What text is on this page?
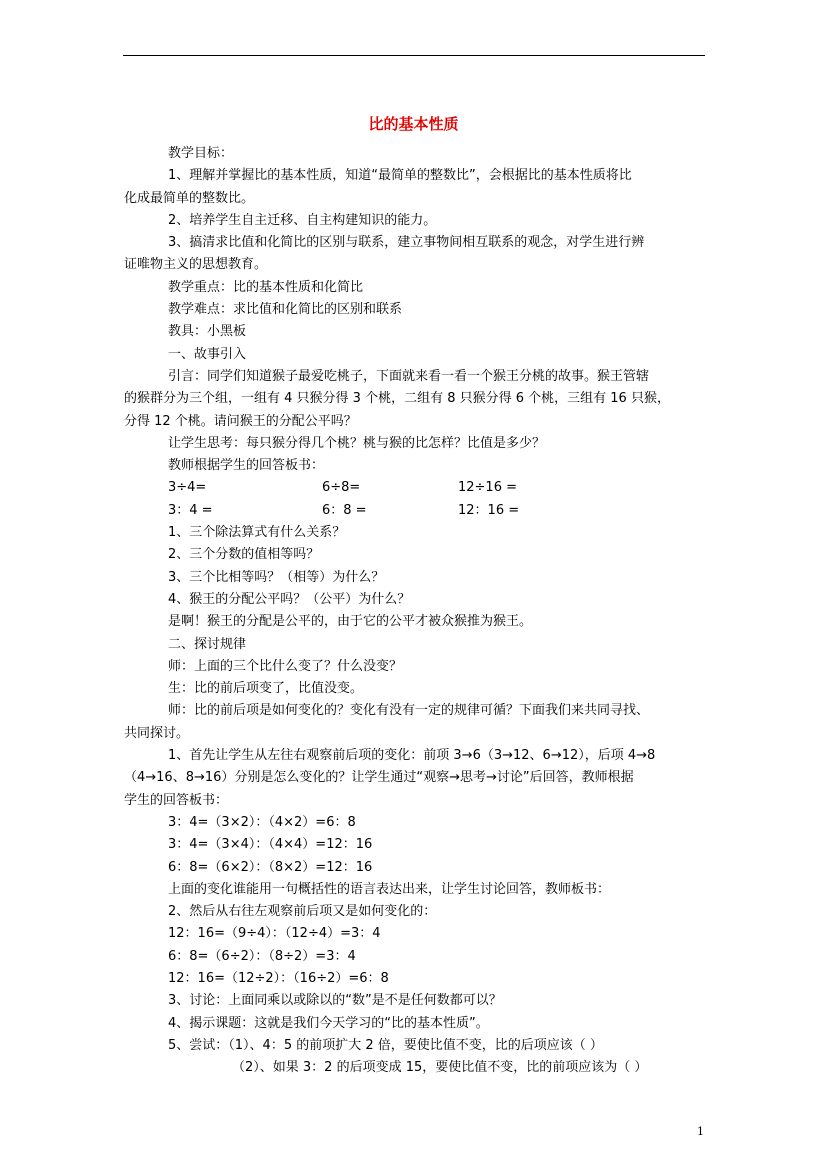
比的基本性质
教学目标：
1、理解并掌握比的基本性质，知道“最简单的整数比”，会根据比的基本性质将比
化成最简单的整数比。
2、培养学生自主迁移、自主构建知识的能力。
3、搞清求比值和化简比的区别与联系，建立事物间相互联系的观念，对学生进行辨
证唯物主义的思想教育。
教学重点：比的基本性质和化简比
教学难点：求比值和化简比的区别和联系
教具：小黑板
一、故事引入
引言：同学们知道猴子最爱吃桃子，下面就来看一看一个猴王分桃的故事。猴王管辖
的猴群分为三个组，一组有 4 只猴分得 3 个桃，二组有 8 只猴分得 6 个桃，三组有 16 只猴，
分得 12 个桃。请问猴王的分配公平吗？
让学生思考：每只猴分得几个桃？桃与猴的比怎样？比值是多少？
教师根据学生的回答板书：
3÷4=	6÷8=	12÷16 =
3：4 =	6：8 =	12：16 =
1、三个除法算式有什么关系？
2、三个分数的值相等吗？
3、三个比相等吗？（相等）为什么？
4、猴王的分配公平吗？（公平）为什么？
是啊！猴王的分配是公平的，由于它的公平才被众猴推为猴王。
二、探讨规律
师：上面的三个比什么变了？什么没变？
生：比的前后项变了，比值没变。
师：比的前后项是如何变化的？变化有没有一定的规律可循？下面我们来共同寻找、
共同探讨。
1、首先让学生从左往右观察前后项的变化：前项 3→6（3→12、6→12），后项 4→8
（4→16、8→16）分别是怎么变化的？让学生通过“观察→思考→讨论”后回答，教师根据
学生的回答板书：
3：4=（3×2）：（4×2）=6：8
3：4=（3×4）：（4×4）=12：16
6：8=（6×2）：（8×2）=12：16
上面的变化谁能用一句概括性的语言表达出来，让学生讨论回答，教师板书：
2、然后从右往左观察前后项又是如何变化的：
12：16=（9÷4）：（12÷4）=3：4
6：8=（6÷2）：（8÷2）=3：4
12：16=（12÷2）：（16÷2）=6：8
3、讨论：上面同乘以或除以的“数”是不是任何数都可以？
4、揭示课题：这就是我们今天学习的“比的基本性质”。
5、尝试：（1）、4：5 的前项扩大 2 倍，要使比值不变，比的后项应该（ ）
（2）、如果 3：2 的后项变成 15，要使比值不变，比的前项应该为（ ）
1
